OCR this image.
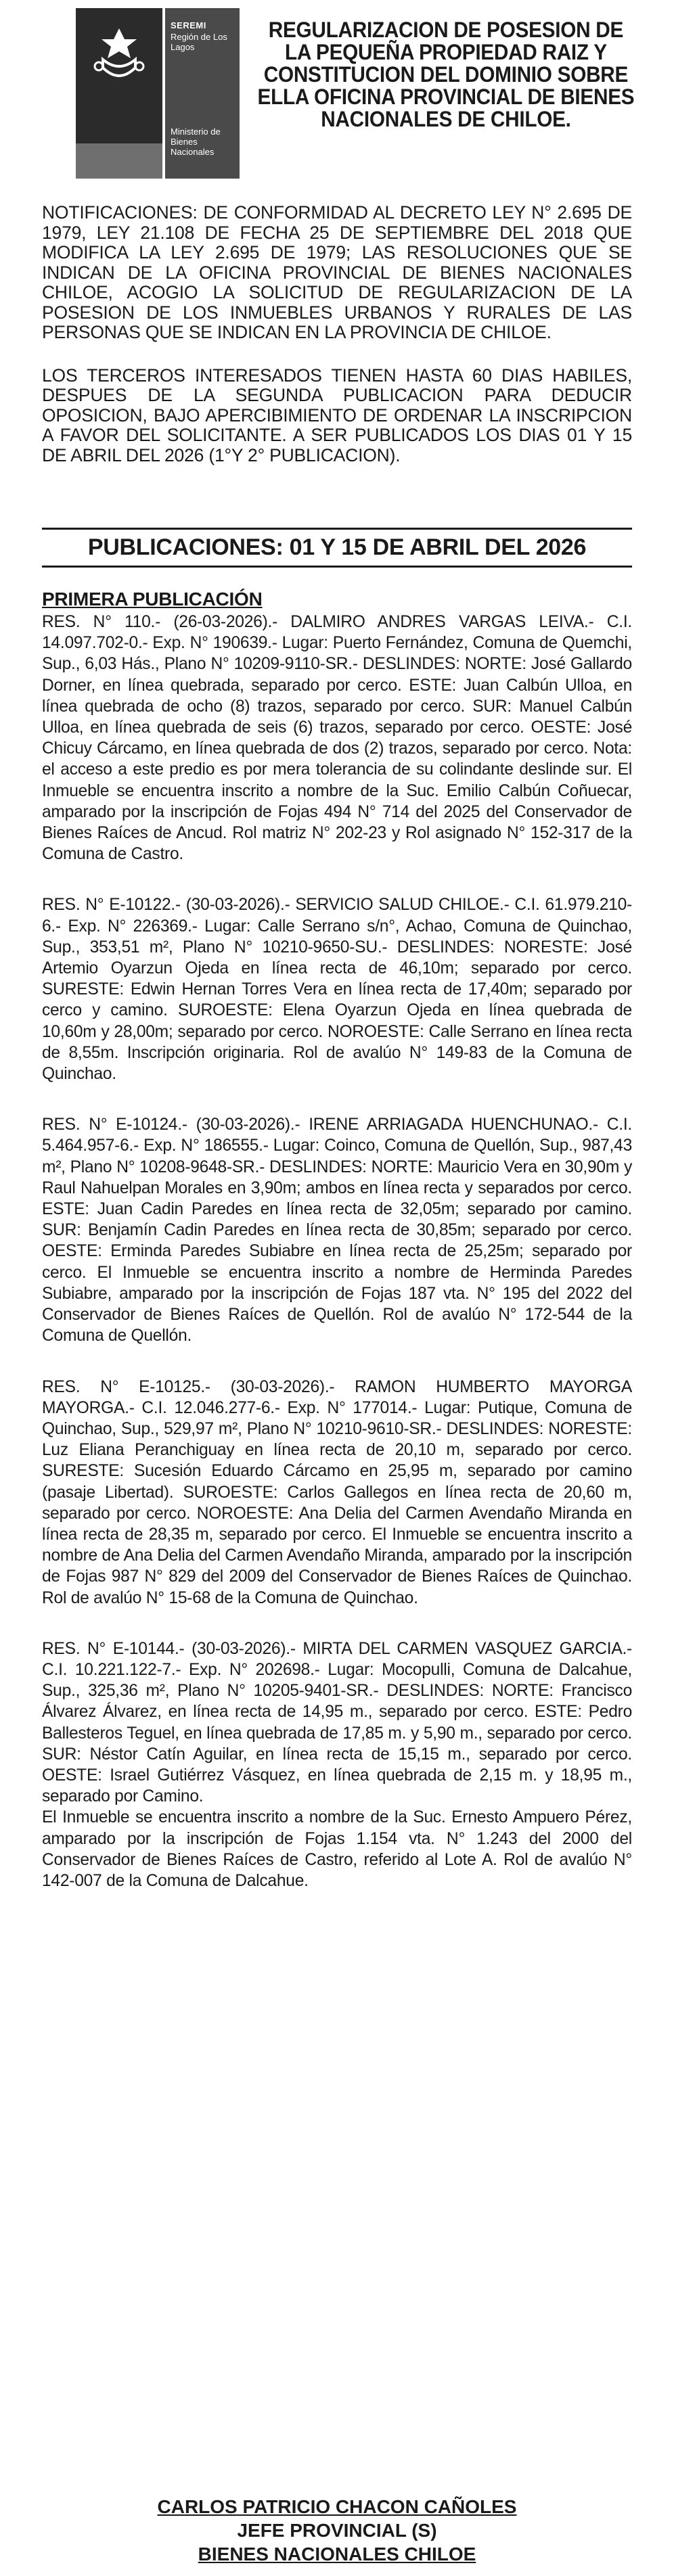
SEREMI
Región de Los Lagos
Ministerio de Bienes Nacionales
REGULARIZACION DE POSESION DE LA PEQUEÑA PROPIEDAD RAIZ Y CONSTITUCION DEL DOMINIO SOBRE ELLA OFICINA PROVINCIAL DE BIENES NACIONALES DE CHILOE.

NOTIFICACIONES: DE CONFORMIDAD AL DECRETO LEY N° 2.695 DE 1979, LEY 21.108 DE FECHA 25 DE SEPTIEMBRE DEL 2018 QUE MODIFICA LA LEY 2.695 DE 1979; LAS RESOLUCIONES QUE SE INDICAN DE LA OFICINA PROVINCIAL DE BIENES NACIONALES CHILOE, ACOGIO LA SOLICITUD DE REGULARIZACION DE LA POSESION DE LOS INMUEBLES URBANOS Y RURALES DE LAS PERSONAS QUE SE INDICAN EN LA PROVINCIA DE CHILOE.

LOS TERCEROS INTERESADOS TIENEN HASTA 60 DIAS HABILES, DESPUES DE LA SEGUNDA PUBLICACION PARA DEDUCIR OPOSICION, BAJO APERCIBIMIENTO DE ORDENAR LA INSCRIPCION A FAVOR DEL SOLICITANTE. A SER PUBLICADOS LOS DIAS 01 Y 15 DE ABRIL DEL 2026 (1°Y 2° PUBLICACION).

PUBLICACIONES: 01 Y 15 DE ABRIL DEL 2026
PRIMERA PUBLICACIÓN

RES. N° 110.- (26-03-2026).- DALMIRO ANDRES VARGAS LEIVA.- C.I. 14.097.702-0.- Exp. N° 190639.- Lugar: Puerto Fernández, Comuna de Quemchi, Sup., 6,03 Hás., Plano N° 10209-9110-SR.- DESLINDES: NORTE: José Gallardo Dorner, en línea quebrada, separado por cerco. ESTE: Juan Calbún Ulloa, en línea quebrada de ocho (8) trazos, separado por cerco. SUR: Manuel Calbún Ulloa, en línea quebrada de seis (6) trazos, separado por cerco. OESTE: José Chicuy Cárcamo, en línea quebrada de dos (2) trazos, separado por cerco. Nota: el acceso a este predio es por mera tolerancia de su colindante deslinde sur. El Inmueble se encuentra inscrito a nombre de la Suc. Emilio Calbún Coñuecar, amparado por la inscripción de Fojas 494 N° 714 del 2025 del Conservador de Bienes Raíces de Ancud. Rol matriz N° 202-23 y Rol asignado N° 152-317 de la Comuna de Castro.

RES. N° E-10122.- (30-03-2026).- SERVICIO SALUD CHILOE.- C.I. 61.979.210-6.- Exp. N° 226369.- Lugar: Calle Serrano s/n°, Achao, Comuna de Quinchao, Sup., 353,51 m², Plano N° 10210-9650-SU.- DESLINDES: NORESTE: José Artemio Oyarzun Ojeda en línea recta de 46,10m; separado por cerco. SURESTE: Edwin Hernan Torres Vera en línea recta de 17,40m; separado por cerco y camino. SUROESTE: Elena Oyarzun Ojeda en línea quebrada de 10,60m y 28,00m; separado por cerco. NOROESTE: Calle Serrano en línea recta de 8,55m. Inscripción originaria. Rol de avalúo N° 149-83 de la Comuna de Quinchao.

RES. N° E-10124.- (30-03-2026).- IRENE ARRIAGADA HUENCHUNAO.- C.I. 5.464.957-6.- Exp. N° 186555.- Lugar: Coinco, Comuna de Quellón, Sup., 987,43 m², Plano N° 10208-9648-SR.- DESLINDES: NORTE: Mauricio Vera en 30,90m y Raul Nahuelpan Morales en 3,90m; ambos en línea recta y separados por cerco. ESTE: Juan Cadin Paredes en línea recta de 32,05m; separado por camino. SUR: Benjamín Cadin Paredes en línea recta de 30,85m; separado por cerco. OESTE: Erminda Paredes Subiabre en línea recta de 25,25m; separado por cerco. El Inmueble se encuentra inscrito a nombre de Herminda Paredes Subiabre, amparado por la inscripción de Fojas 187 vta. N° 195 del 2022 del Conservador de Bienes Raíces de Quellón. Rol de avalúo N° 172-544 de la Comuna de Quellón.

RES. N° E-10125.- (30-03-2026).- RAMON HUMBERTO MAYORGA MAYORGA.- C.I. 12.046.277-6.- Exp. N° 177014.- Lugar: Putique, Comuna de Quinchao, Sup., 529,97 m², Plano N° 10210-9610-SR.- DESLINDES: NORESTE: Luz Eliana Peranchiguay en línea recta de 20,10 m, separado por cerco. SURESTE: Sucesión Eduardo Cárcamo en 25,95 m, separado por camino (pasaje Libertad). SUROESTE: Carlos Gallegos en línea recta de 20,60 m, separado por cerco. NOROESTE: Ana Delia del Carmen Avendaño Miranda en línea recta de 28,35 m, separado por cerco. El Inmueble se encuentra inscrito a nombre de Ana Delia del Carmen Avendaño Miranda, amparado por la inscripción de Fojas 987 N° 829 del 2009 del Conservador de Bienes Raíces de Quinchao. Rol de avalúo N° 15-68 de la Comuna de Quinchao.

RES. N° E-10144.- (30-03-2026).- MIRTA DEL CARMEN VASQUEZ GARCIA.- C.I. 10.221.122-7.- Exp. N° 202698.- Lugar: Mocopulli, Comuna de Dalcahue, Sup., 325,36 m², Plano N° 10205-9401-SR.- DESLINDES: NORTE: Francisco Álvarez Álvarez, en línea recta de 14,95 m., separado por cerco. ESTE: Pedro Ballesteros Teguel, en línea quebrada de 17,85 m. y 5,90 m., separado por cerco. SUR: Néstor Catín Aguilar, en línea recta de 15,15 m., separado por cerco. OESTE: Israel Gutiérrez Vásquez, en línea quebrada de 2,15 m. y 18,95 m., separado por Camino.

El Inmueble se encuentra inscrito a nombre de la Suc. Ernesto Ampuero Pérez, amparado por la inscripción de Fojas 1.154 vta. N° 1.243 del 2000 del Conservador de Bienes Raíces de Castro, referido al Lote A. Rol de avalúo N° 142-007 de la Comuna de Dalcahue.

CARLOS PATRICIO CHACON CAÑOLES
JEFE PROVINCIAL (S)
BIENES NACIONALES CHILOE
